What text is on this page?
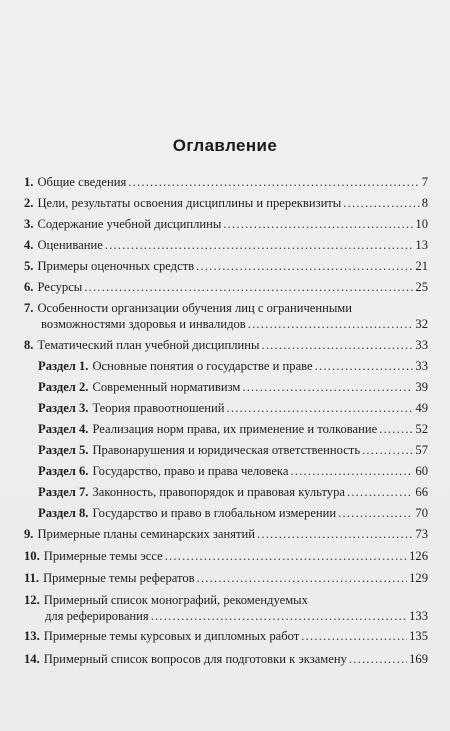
Оглавление
1. Общие сведения .....	7
2. Цели, результаты освоения дисциплины и пререквизиты .....	8
3. Содержание учебной дисциплины .....	10
4. Оценивание .....	13
5. Примеры оценочных средств .....	21
6. Ресурсы .....	25
7. Особенности организации обучения лиц с ограниченными
возможностями здоровья и инвалидов .....	32
8. Тематический план учебной дисциплины .....	33
Раздел 1. Основные понятия о государстве и праве .....	33
Раздел 2. Современный нормативизм .....	39
Раздел 3. Теория правоотношений .....	49
Раздел 4. Реализация норм права, их применение и толкование .....	52
Раздел 5. Правонарушения и юридическая ответственность .....	57
Раздел 6. Государство, право и права человека .....	60
Раздел 7. Законность, правопорядок и правовая культура .....	66
Раздел 8. Государство и право в глобальном измерении .....	70
9. Примерные планы семинарских занятий .....	73
10. Примерные темы эссе .....	126
11. Примерные темы рефератов .....	129
12. Примерный список монографий, рекомендуемых
для реферирования .....	133
13. Примерные темы курсовых и дипломных работ .....	135
14. Примерный список вопросов для подготовки к экзамену .....	169
